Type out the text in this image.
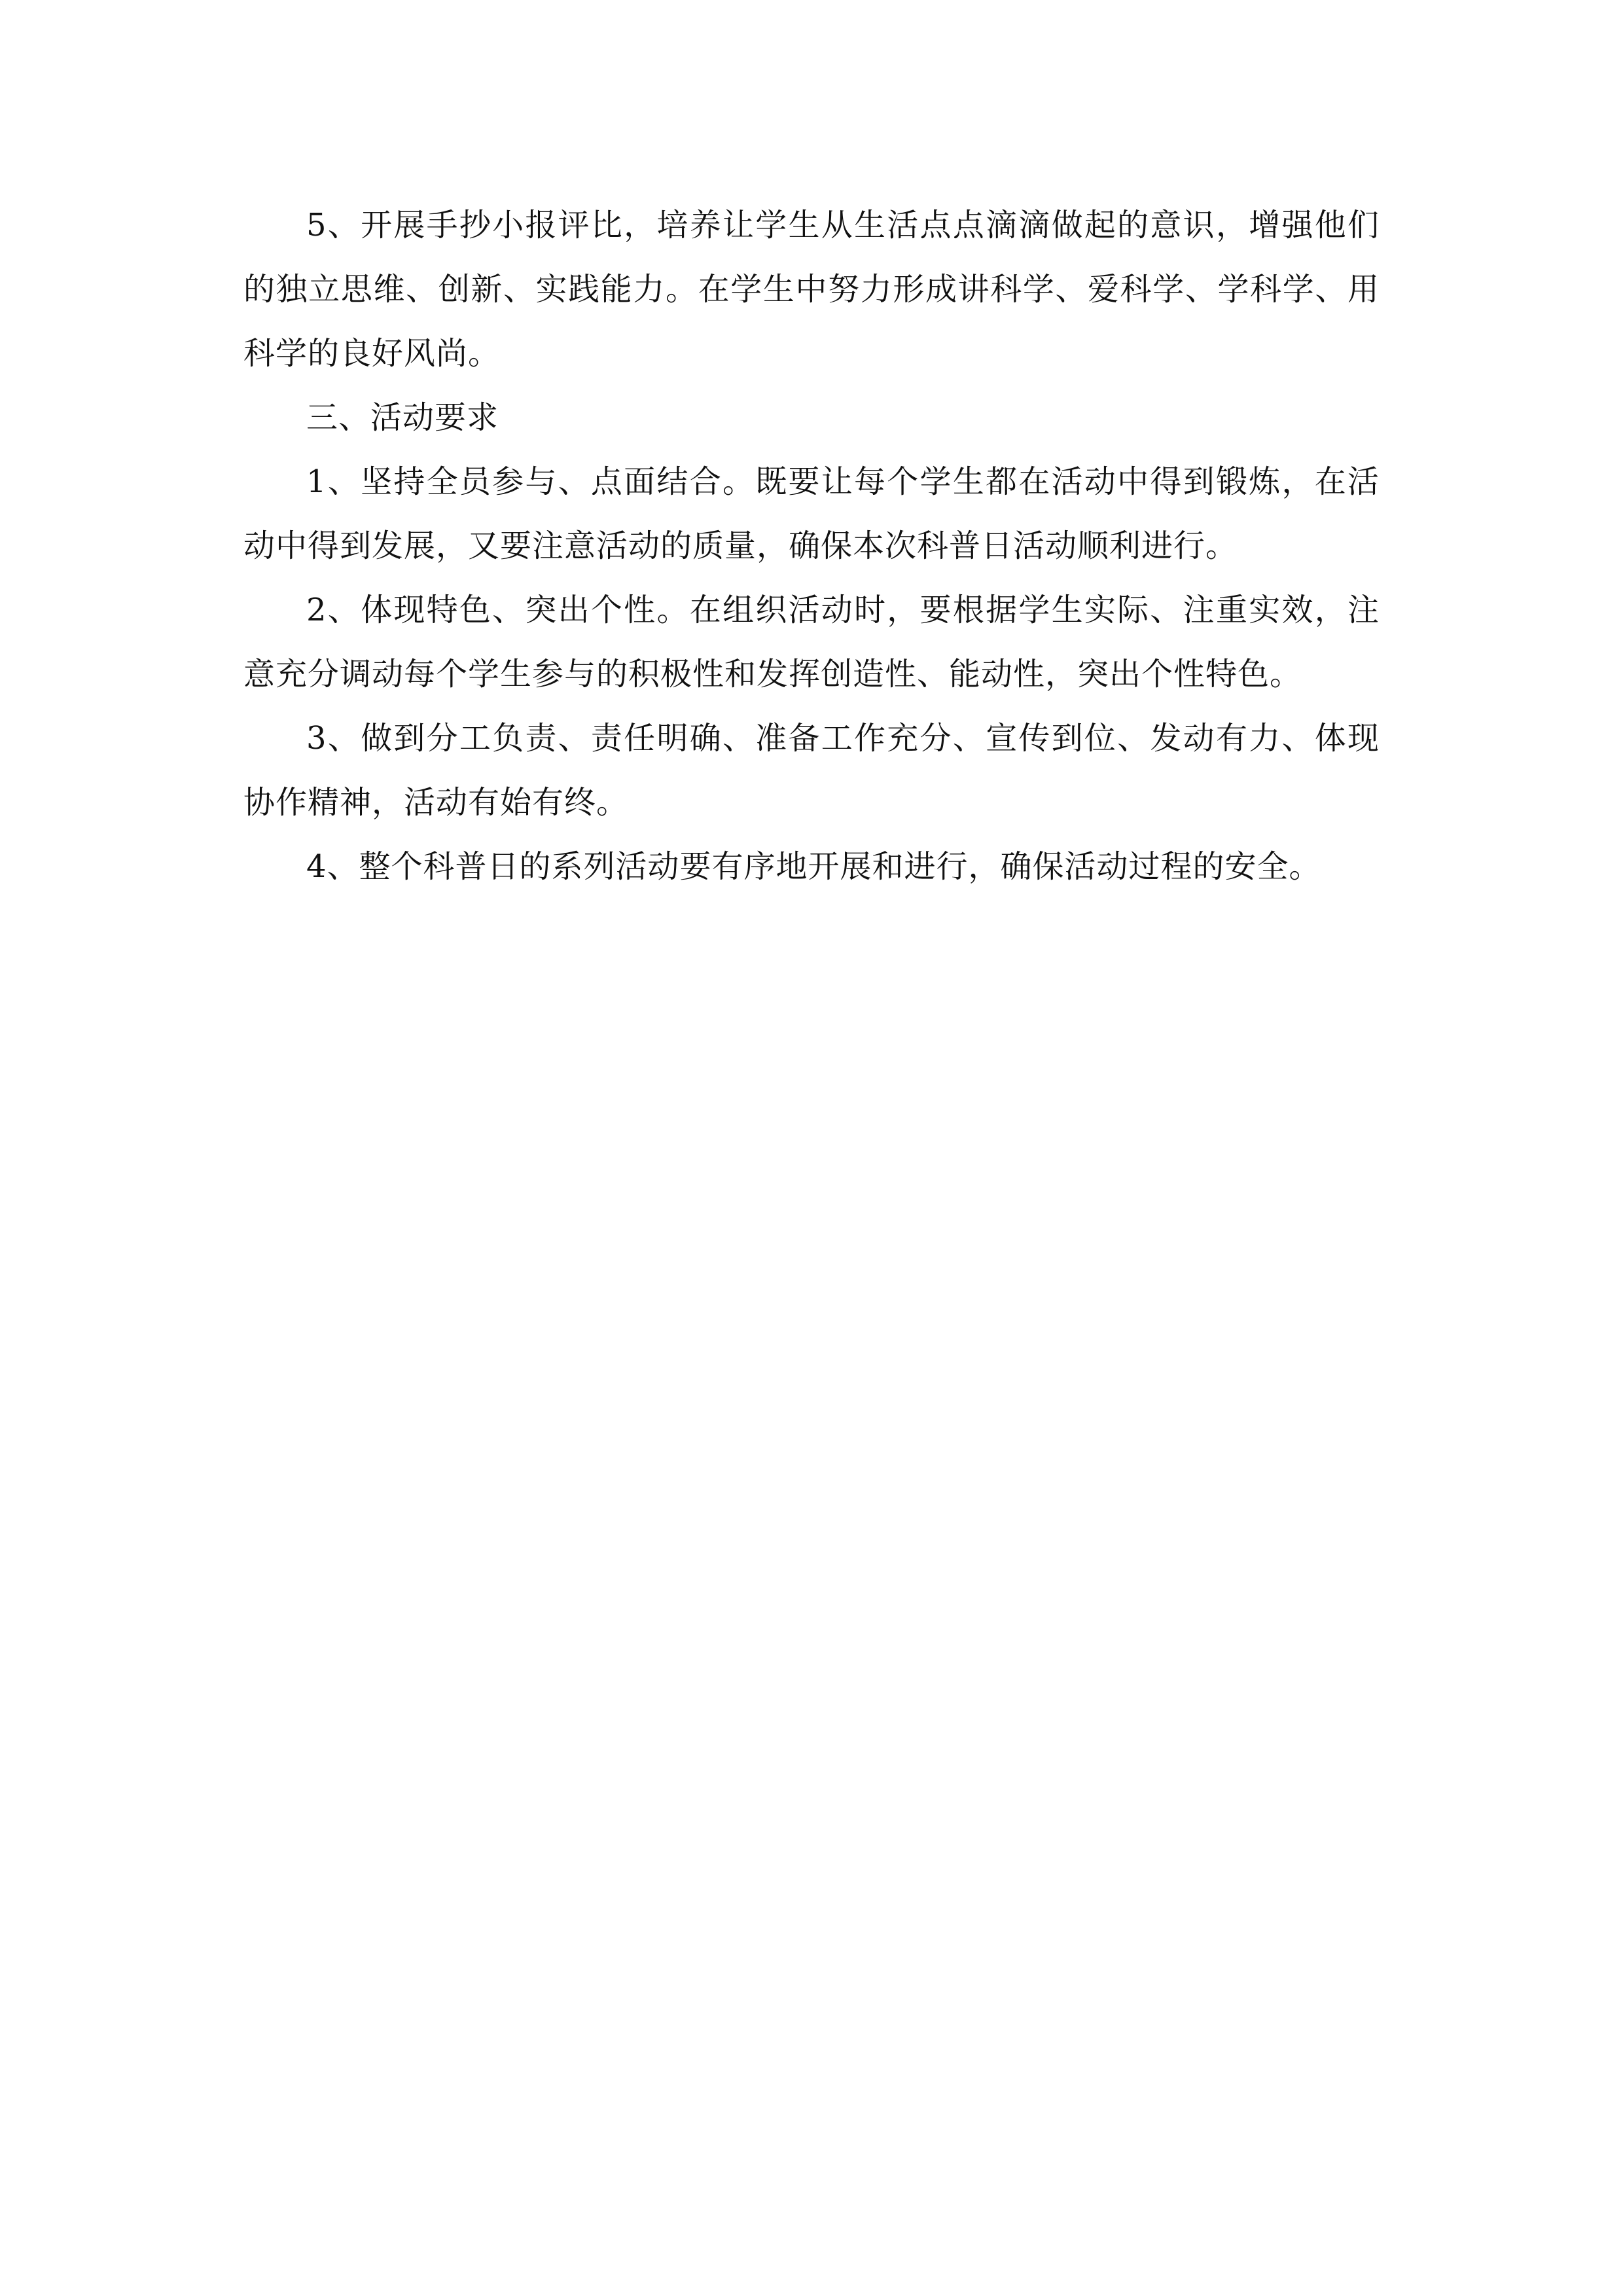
5、开展手抄小报评比，培养让学生从生活点点滴滴做起的意识，增强他们的独立思维、创新、实践能力。在学生中努力形成讲科学、爱科学、学科学、用科学的良好风尚。

三、活动要求

1、坚持全员参与、点面结合。既要让每个学生都在活动中得到锻炼，在活动中得到发展，又要注意活动的质量，确保本次科普日活动顺利进行。

2、体现特色、突出个性。在组织活动时，要根据学生实际、注重实效，注意充分调动每个学生参与的积极性和发挥创造性、能动性，突出个性特色。

3、做到分工负责、责任明确、准备工作充分、宣传到位、发动有力、体现协作精神，活动有始有终。

4、整个科普日的系列活动要有序地开展和进行，确保活动过程的安全。
